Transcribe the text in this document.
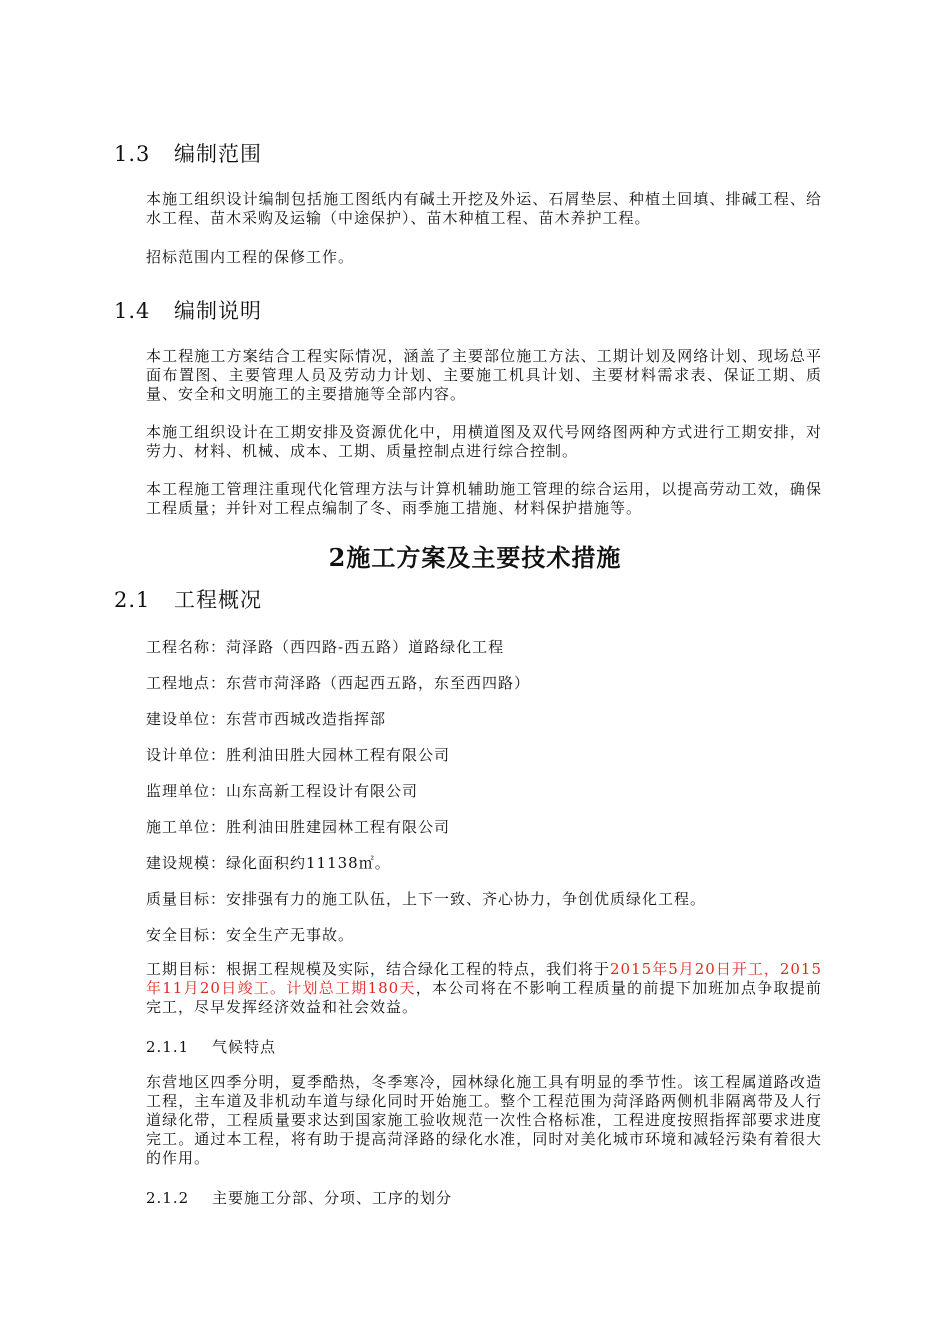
1.3 编制范围
本施工组织设计编制包括施工图纸内有碱土开挖及外运、石屑垫层、种植土回填、排碱工程、给水工程、苗木采购及运输（中途保护）、苗木种植工程、苗木养护工程。
招标范围内工程的保修工作。
1.4 编制说明
本工程施工方案结合工程实际情况，涵盖了主要部位施工方法、工期计划及网络计划、现场总平面布置图、主要管理人员及劳动力计划、主要施工机具计划、主要材料需求表、保证工期、质量、安全和文明施工的主要措施等全部内容。
本施工组织设计在工期安排及资源优化中，用横道图及双代号网络图两种方式进行工期安排，对劳力、材料、机械、成本、工期、质量控制点进行综合控制。
本工程施工管理注重现代化管理方法与计算机辅助施工管理的综合运用，以提高劳动工效，确保工程质量；并针对工程点编制了冬、雨季施工措施、材料保护措施等。
2施工方案及主要技术措施
2.1 工程概况
工程名称：菏泽路（西四路-西五路）道路绿化工程
工程地点：东营市菏泽路（西起西五路，东至西四路）
建设单位：东营市西城改造指挥部
设计单位：胜利油田胜大园林工程有限公司
监理单位：山东高新工程设计有限公司
施工单位：胜利油田胜建园林工程有限公司
建设规模：绿化面积约11138㎡。
质量目标：安排强有力的施工队伍，上下一致、齐心协力，争创优质绿化工程。
安全目标：安全生产无事故。
工期目标：根据工程规模及实际，结合绿化工程的特点，我们将于2015年5月20日开工，2015年11月20日竣工。计划总工期180天，本公司将在不影响工程质量的前提下加班加点争取提前完工，尽早发挥经济效益和社会效益。
2.1.1 气候特点
东营地区四季分明，夏季酷热，冬季寒冷，园林绿化施工具有明显的季节性。该工程属道路改造工程，主车道及非机动车道与绿化同时开始施工。整个工程范围为菏泽路两侧机非隔离带及人行道绿化带，工程质量要求达到国家施工验收规范一次性合格标准，工程进度按照指挥部要求进度完工。通过本工程，将有助于提高菏泽路的绿化水准，同时对美化城市环境和减轻污染有着很大的作用。
2.1.2 主要施工分部、分项、工序的划分
